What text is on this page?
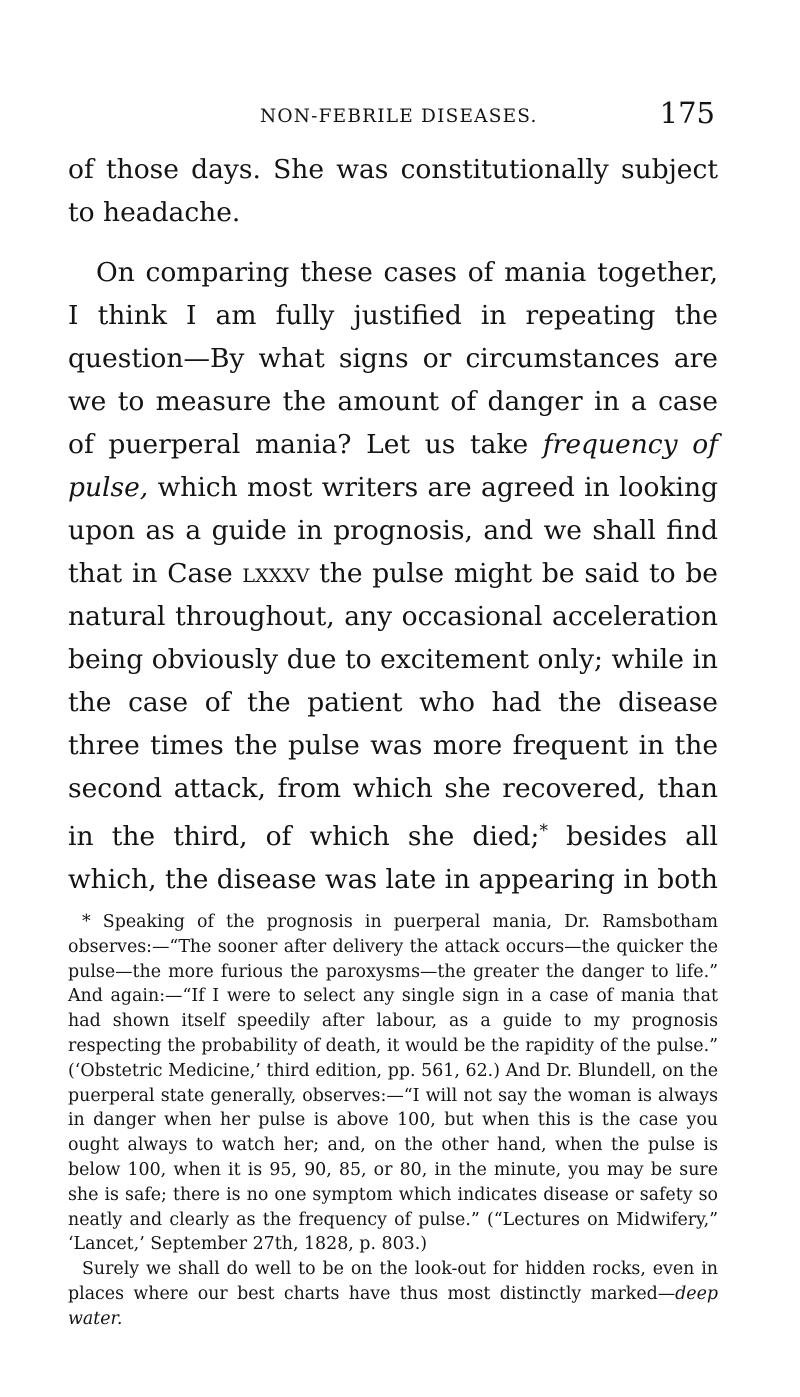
NON-FEBRILE DISEASES.	175

of those days. She was constitutionally subject to headache.

On comparing these cases of mania together, I think I am fully justified in repeating the question—By what signs or circumstances are we to measure the amount of danger in a case of puerperal mania? Let us take frequency of pulse, which most writers are agreed in looking upon as a guide in prognosis, and we shall find that in Case lxxxv the pulse might be said to be natural throughout, any occasional acceleration being obviously due to excitement only; while in the case of the patient who had the disease three times the pulse was more frequent in the second attack, from which she recovered, than in the third, of which she died;* besides all which, the disease was late in appearing in both

* Speaking of the prognosis in puerperal mania, Dr. Ramsbotham observes:—“The sooner after delivery the attack occurs—the quicker the pulse—the more furious the paroxysms—the greater the danger to life.” And again:—“If I were to select any single sign in a case of mania that had shown itself speedily after labour, as a guide to my prognosis respecting the probability of death, it would be the rapidity of the pulse.” (‘Obstetric Medicine,’ third edition, pp. 561, 62.) And Dr. Blundell, on the puerperal state generally, observes:—“I will not say the woman is always in danger when her pulse is above 100, but when this is the case you ought always to watch her; and, on the other hand, when the pulse is below 100, when it is 95, 90, 85, or 80, in the minute, you may be sure she is safe; there is no one symptom which indicates disease or safety so neatly and clearly as the frequency of pulse.” (“Lectures on Midwifery,” ‘Lancet,’ September 27th, 1828, p. 803.)

Surely we shall do well to be on the look-out for hidden rocks, even in places where our best charts have thus most distinctly marked—deep water.
